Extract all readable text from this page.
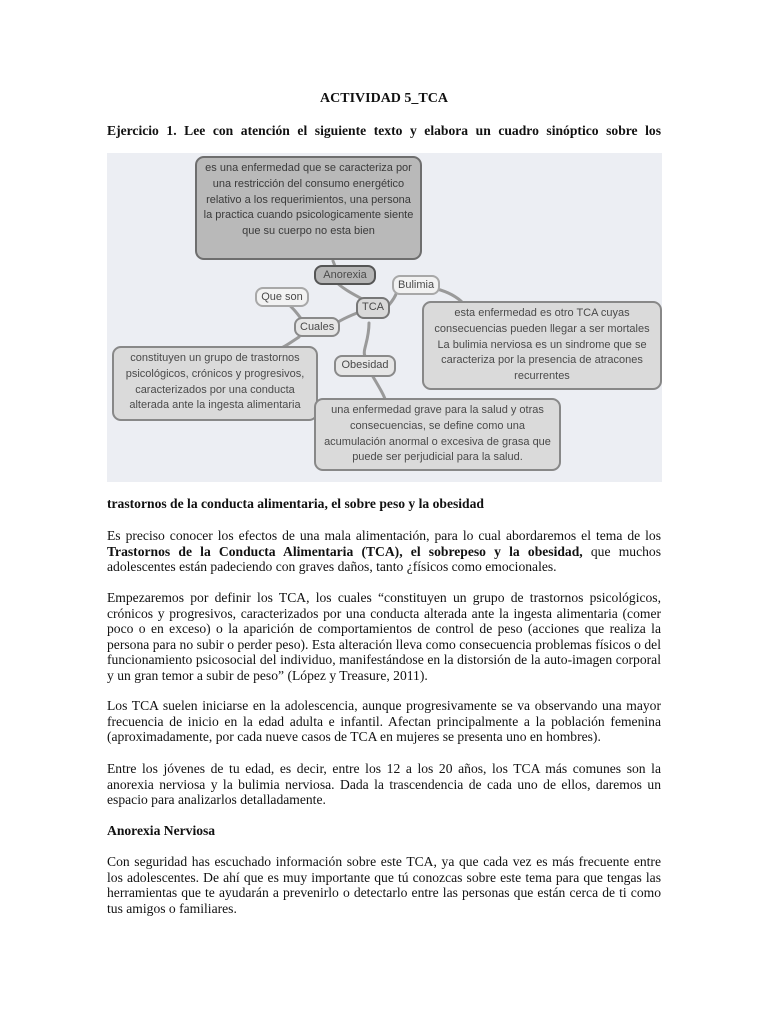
ACTIVIDAD 5_TCA

Ejercicio 1. Lee con atención el siguiente texto y elabora un cuadro sinóptico sobre los

es una enfermedad que se caracteriza por una restricción del consumo energético relativo a los requerimientos, una persona la practica cuando psicologicamente siente que su cuerpo no esta bien
Anorexia
Bulimia
esta enfermedad es otro TCA cuyas consecuencias pueden llegar a ser mortales La bulimia nerviosa es un sindrome que se caracteriza por la presencia de atracones recurrentes
Que son
TCA
Cuales
constituyen un grupo de trastornos psicológicos, crónicos y progresivos, caracterizados por una conducta alterada ante la ingesta alimentaria
Obesidad
una enfermedad grave para la salud y otras consecuencias, se define como una acumulación anormal o excesiva de grasa que puede ser perjudicial para la salud.

trastornos de la conducta alimentaria, el sobre peso y la obesidad

Es preciso conocer los efectos de una mala alimentación, para lo cual abordaremos el tema de los Trastornos de la Conducta Alimentaria (TCA), el sobrepeso y la obesidad, que muchos adolescentes están padeciendo con graves daños, tanto ¿físicos como emocionales.

Empezaremos por definir los TCA, los cuales “constituyen un grupo de trastornos psicológicos, crónicos y progresivos, caracterizados por una conducta alterada ante la ingesta alimentaria (comer poco o en exceso) o la aparición de comportamientos de control de peso (acciones que realiza la persona para no subir o perder peso). Esta alteración lleva como consecuencia problemas físicos o del funcionamiento psicosocial del individuo, manifestándose en la distorsión de la auto-imagen corporal y un gran temor a subir de peso” (López y Treasure, 2011).

Los TCA suelen iniciarse en la adolescencia, aunque progresivamente se va observando una mayor frecuencia de inicio en la edad adulta e infantil. Afectan principalmente a la población femenina (aproximadamente, por cada nueve casos de TCA en mujeres se presenta uno en hombres).

Entre los jóvenes de tu edad, es decir, entre los 12 a los 20 años, los TCA más comunes son la anorexia nerviosa y la bulimia nerviosa. Dada la trascendencia de cada uno de ellos, daremos un espacio para analizarlos detalladamente.

Anorexia Nerviosa

Con seguridad has escuchado información sobre este TCA, ya que cada vez es más frecuente entre los adolescentes. De ahí que es muy importante que tú conozcas sobre este tema para que tengas las herramientas que te ayudarán a prevenirlo o detectarlo entre las personas que están cerca de ti como tus amigos o familiares.
